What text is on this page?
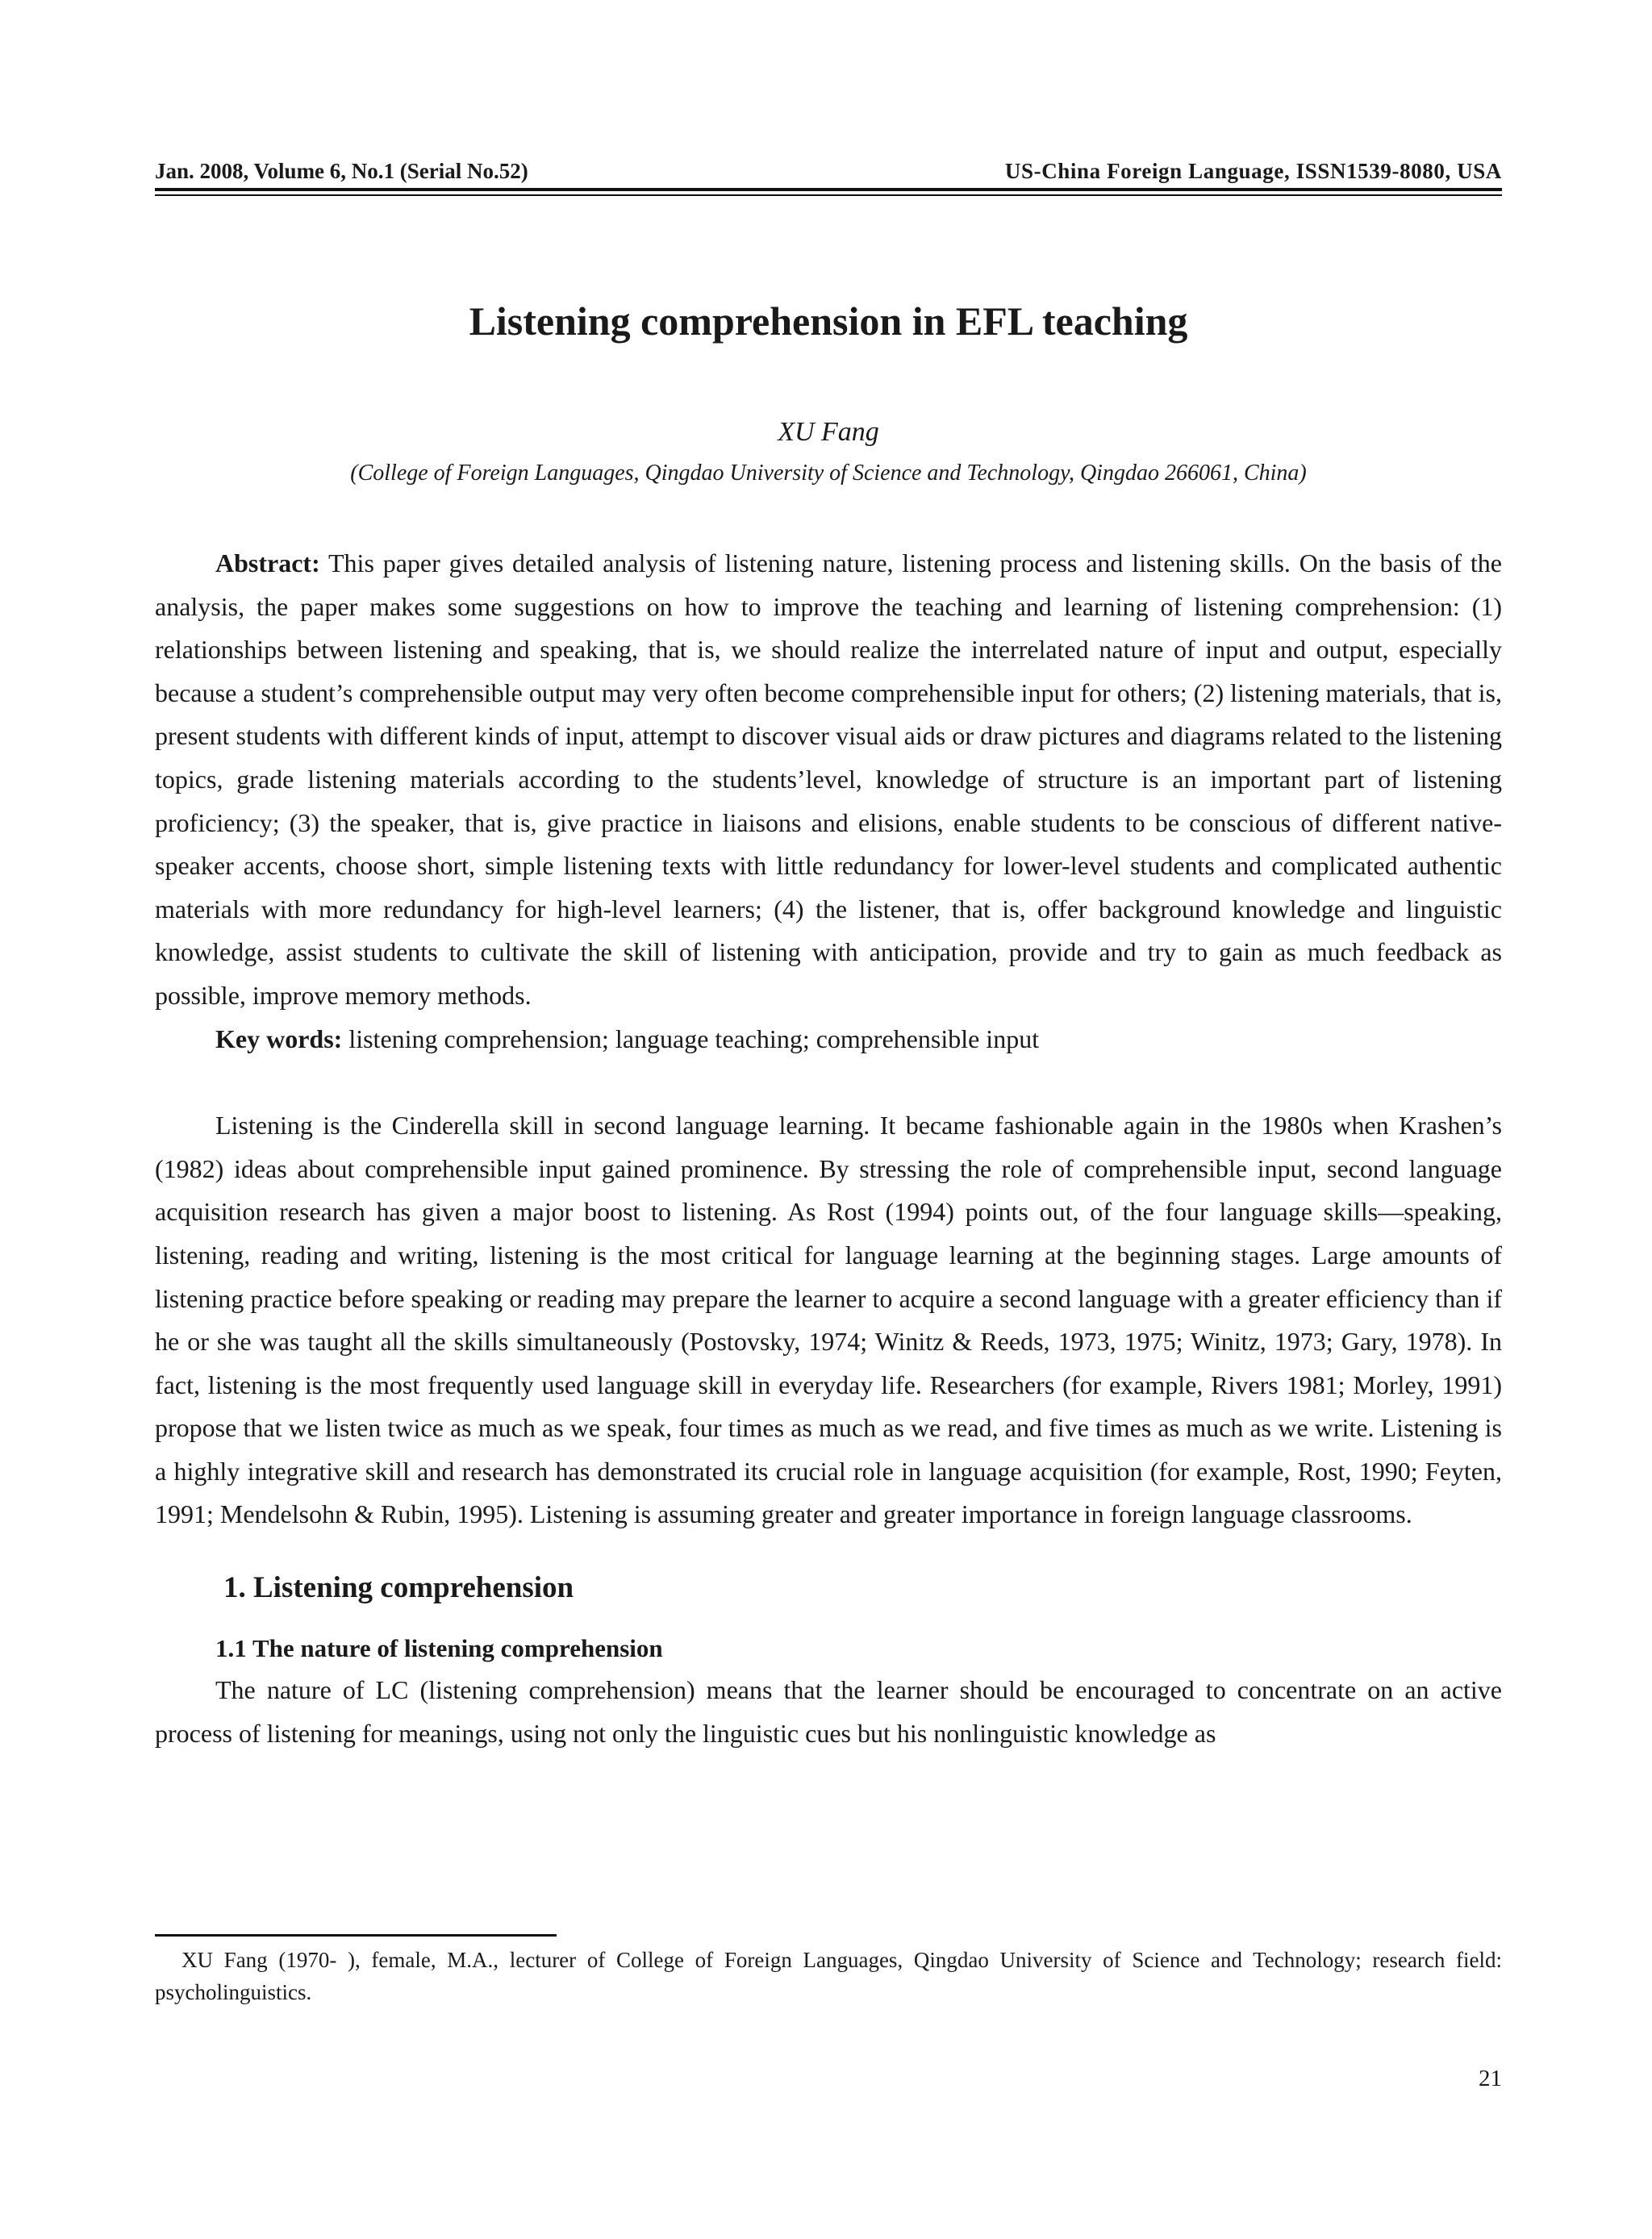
Jan. 2008, Volume 6, No.1 (Serial No.52)	US-China Foreign Language, ISSN1539-8080, USA
Listening comprehension in EFL teaching
XU Fang
(College of Foreign Languages, Qingdao University of Science and Technology, Qingdao 266061, China)

Abstract: This paper gives detailed analysis of listening nature, listening process and listening skills. On the basis of the analysis, the paper makes some suggestions on how to improve the teaching and learning of listening comprehension: (1) relationships between listening and speaking, that is, we should realize the interrelated nature of input and output, especially because a student’s comprehensible output may very often become comprehensible input for others; (2) listening materials, that is, present students with different kinds of input, attempt to discover visual aids or draw pictures and diagrams related to the listening topics, grade listening materials according to the students’level, knowledge of structure is an important part of listening proficiency; (3) the speaker, that is, give practice in liaisons and elisions, enable students to be conscious of different native-speaker accents, choose short, simple listening texts with little redundancy for lower-level students and complicated authentic materials with more redundancy for high-level learners; (4) the listener, that is, offer background knowledge and linguistic knowledge, assist students to cultivate the skill of listening with anticipation, provide and try to gain as much feedback as possible, improve memory methods.

Key words: listening comprehension; language teaching; comprehensible input

Listening is the Cinderella skill in second language learning. It became fashionable again in the 1980s when Krashen’s (1982) ideas about comprehensible input gained prominence. By stressing the role of comprehensible input, second language acquisition research has given a major boost to listening. As Rost (1994) points out, of the four language skills—speaking, listening, reading and writing, listening is the most critical for language learning at the beginning stages. Large amounts of listening practice before speaking or reading may prepare the learner to acquire a second language with a greater efficiency than if he or she was taught all the skills simultaneously (Postovsky, 1974; Winitz & Reeds, 1973, 1975; Winitz, 1973; Gary, 1978). In fact, listening is the most frequently used language skill in everyday life. Researchers (for example, Rivers 1981; Morley, 1991) propose that we listen twice as much as we speak, four times as much as we read, and five times as much as we write. Listening is a highly integrative skill and research has demonstrated its crucial role in language acquisition (for example, Rost, 1990; Feyten, 1991; Mendelsohn & Rubin, 1995). Listening is assuming greater and greater importance in foreign language classrooms.

1. Listening comprehension
1.1 The nature of listening comprehension

The nature of LC (listening comprehension) means that the learner should be encouraged to concentrate on an active process of listening for meanings, using not only the linguistic cues but his nonlinguistic knowledge as

XU Fang (1970- ), female, M.A., lecturer of College of Foreign Languages, Qingdao University of Science and Technology; research field: psycholinguistics.
21
